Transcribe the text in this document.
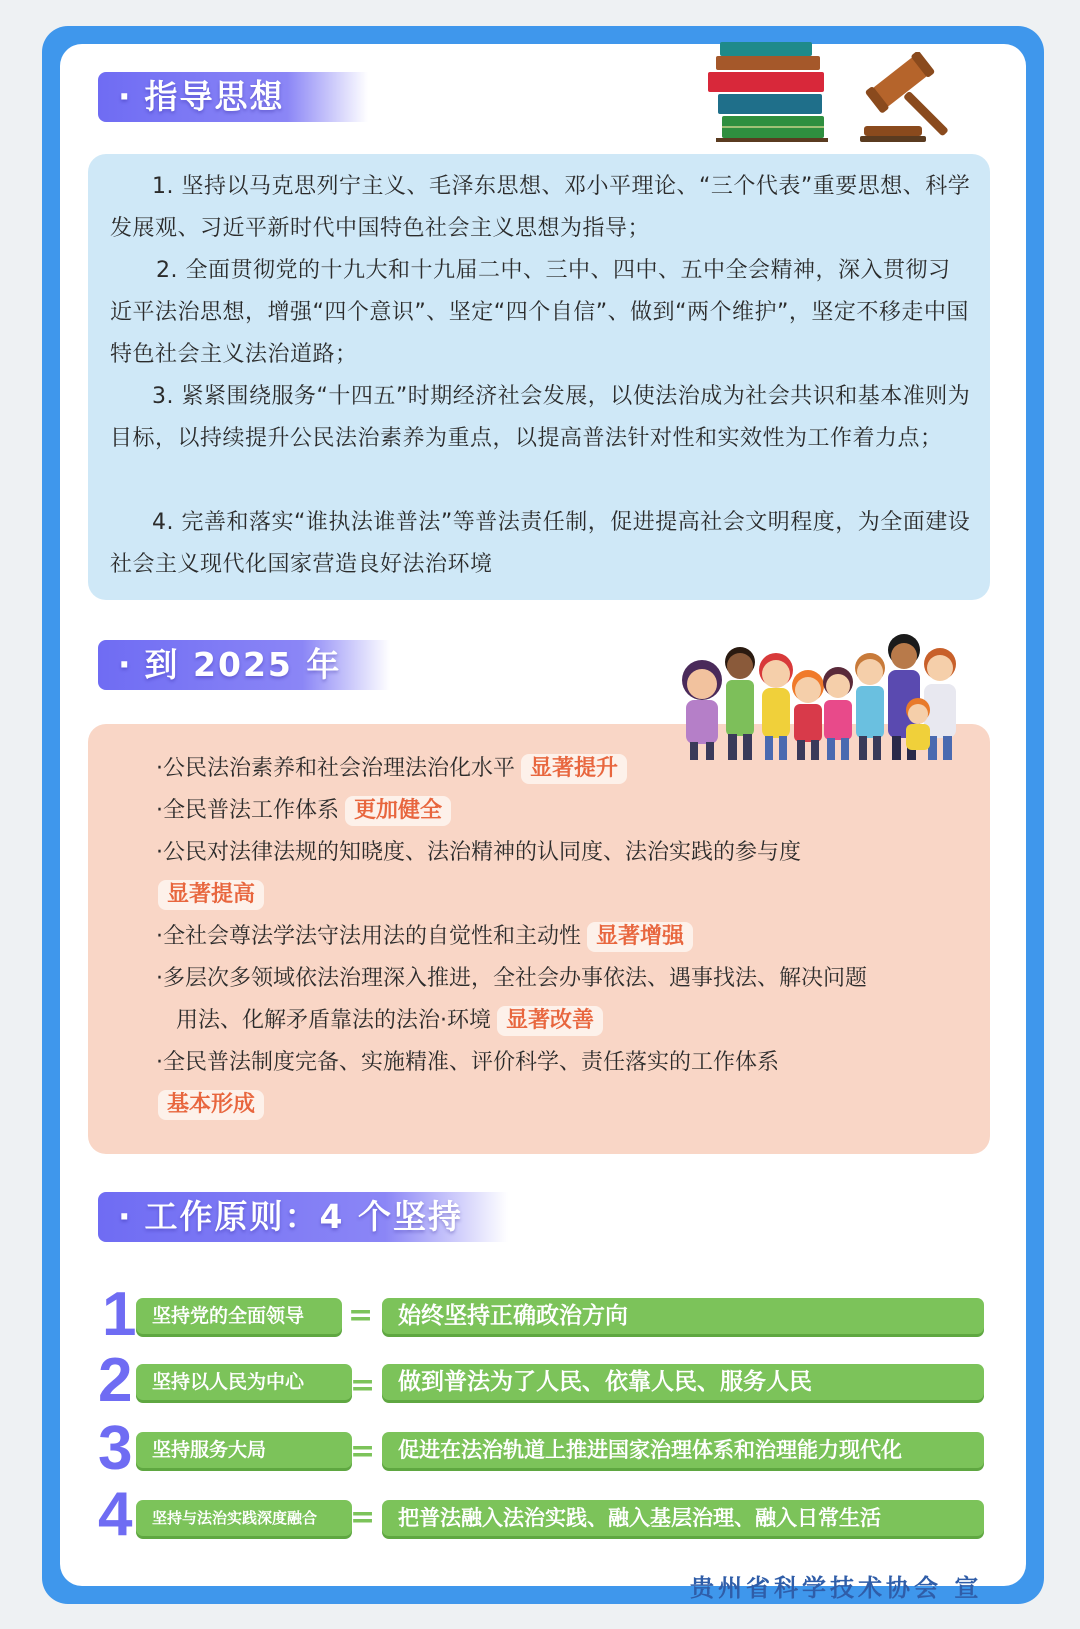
· 指导思想
1. 坚持以马克思列宁主义、毛泽东思想、邓小平理论、“三个代表”重要思想、科学发展观、习近平新时代中国特色社会主义思想为指导；
2. 全面贯彻党的十九大和十九届二中、三中、四中、五中全会精神，深入贯彻习近平法治思想，增强“四个意识”、坚定“四个自信”、做到“两个维护”，坚定不移走中国特色社会主义法治道路；
3. 紧紧围绕服务“十四五”时期经济社会发展，以使法治成为社会共识和基本准则为目标，以持续提升公民法治素养为重点，以提高普法针对性和实效性为工作着力点；
4. 完善和落实“谁执法谁普法”等普法责任制，促进提高社会文明程度，为全面建设社会主义现代化国家营造良好法治环境
· 到 2025 年
·公民法治素养和社会治理法治化水平 显著提升
·全民普法工作体系 更加健全
·公民对法律法规的知晓度、法治精神的认同度、法治实践的参与度
显著提高
·全社会尊法学法守法用法的自觉性和主动性 显著增强
·多层次多领域依法治理深入推进，全社会办事依法、遇事找法、解决问题
用法、化解矛盾靠法的法治·环境 显著改善
·全民普法制度完备、实施精准、评价科学、责任落实的工作体系
基本形成
· 工作原则：4 个坚持
1 坚持党的全面领导	=	始终坚持正确政治方向
2	坚持以人民为中心	= 做到普法为了人民、依靠人民、服务人民
3	坚持服务大局	=	促进在法治轨道上推进国家治理体系和治理能力现代化
4	坚持与法治实践深度融合	=	把普法融入法治实践、融入基层治理、融入日常生活
贵州省科学技术协会 宣
